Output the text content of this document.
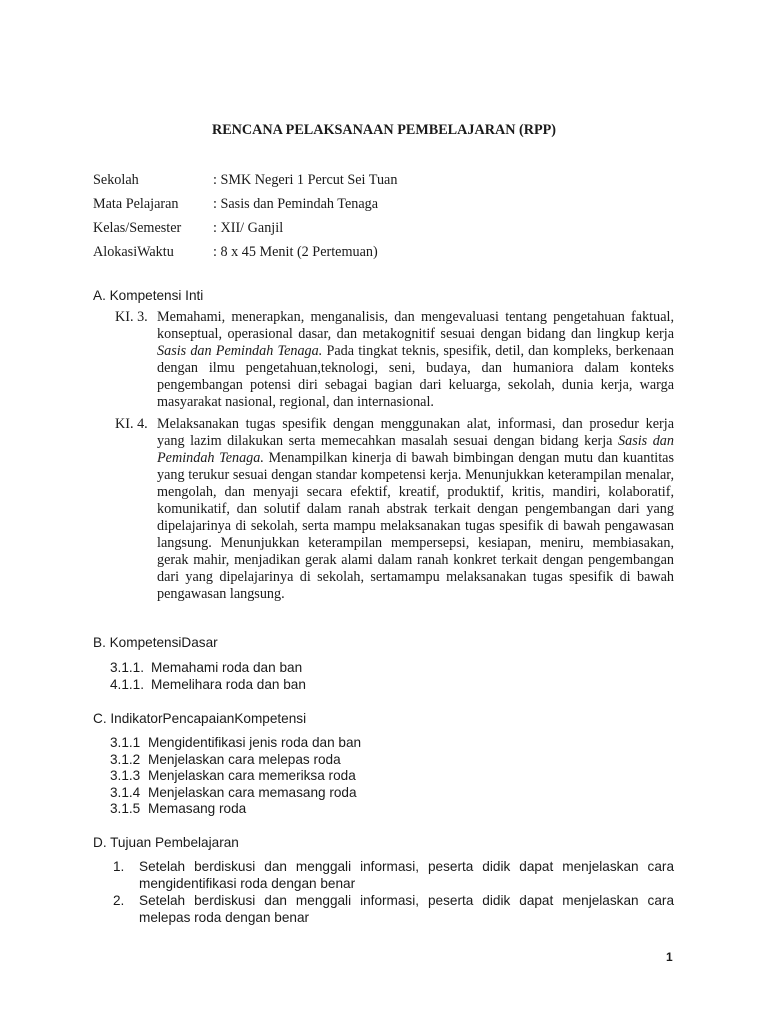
RENCANA PELAKSANAAN PEMBELAJARAN (RPP)
Sekolah	: SMK Negeri 1 Percut Sei Tuan
Mata Pelajaran : Sasis dan Pemindah Tenaga
Kelas/Semester : XII/ Ganjil
AlokasiWaktu	: 8 x 45 Menit (2 Pertemuan)
A. Kompetensi Inti
KI. 3. Memahami, menerapkan, menganalisis, dan mengevaluasi tentang pengetahuan faktual, konseptual, operasional dasar, dan metakognitif sesuai dengan bidang dan lingkup kerja Sasis dan Pemindah Tenaga. Pada tingkat teknis, spesifik, detil, dan kompleks, berkenaan dengan ilmu pengetahuan,teknologi, seni, budaya, dan humaniora dalam konteks pengembangan potensi diri sebagai bagian dari keluarga, sekolah, dunia kerja, warga masyarakat nasional, regional, dan internasional.
KI. 4. Melaksanakan tugas spesifik dengan menggunakan alat, informasi, dan prosedur kerja yang lazim dilakukan serta memecahkan masalah sesuai dengan bidang kerja Sasis dan Pemindah Tenaga. Menampilkan kinerja di bawah bimbingan dengan mutu dan kuantitas yang terukur sesuai dengan standar kompetensi kerja. Menunjukkan keterampilan menalar, mengolah, dan menyaji secara efektif, kreatif, produktif, kritis, mandiri, kolaboratif, komunikatif, dan solutif dalam ranah abstrak terkait dengan pengembangan dari yang dipelajarinya di sekolah, serta mampu melaksanakan tugas spesifik di bawah pengawasan langsung. Menunjukkan keterampilan mempersepsi, kesiapan, meniru, membiasakan, gerak mahir, menjadikan gerak alami dalam ranah konkret terkait dengan pengembangan dari yang dipelajarinya di sekolah, sertamampu melaksanakan tugas spesifik di bawah pengawasan langsung.
B. KompetensiDasar
3.1.1. Memahami roda dan ban
4.1.1. Memelihara roda dan ban
C. IndikatorPencapaianKompetensi
3.1.1 Mengidentifikasi jenis roda dan ban
3.1.2 Menjelaskan cara melepas roda
3.1.3 Menjelaskan cara memeriksa roda
3.1.4 Menjelaskan cara memasang roda
3.1.5 Memasang roda
D. Tujuan Pembelajaran
1. Setelah berdiskusi dan menggali informasi, peserta didik dapat menjelaskan cara mengidentifikasi roda dengan benar
2. Setelah berdiskusi dan menggali informasi, peserta didik dapat menjelaskan cara melepas roda dengan benar
1
